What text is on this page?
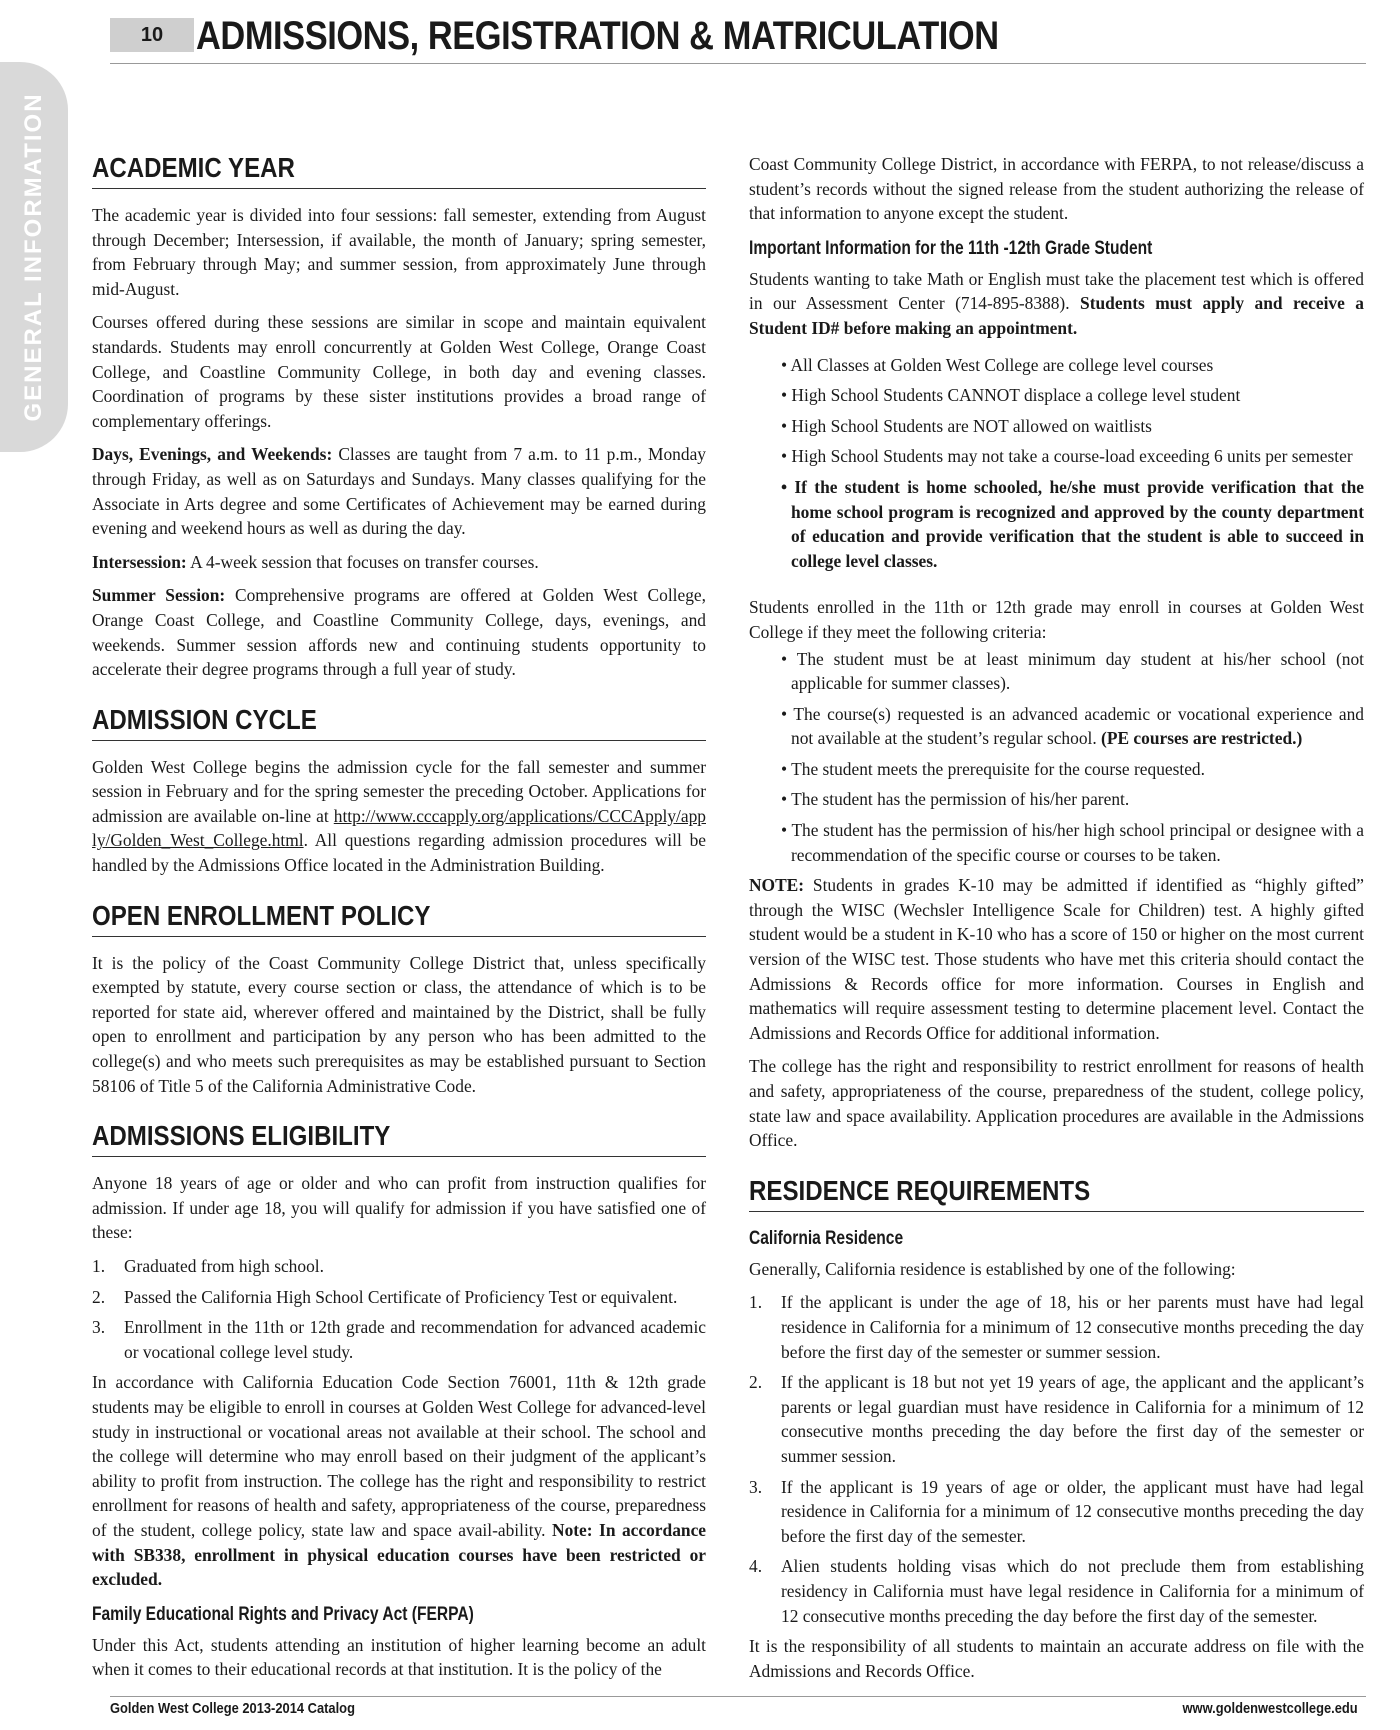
GENERAL INFORMATION
10 ADMISSIONS, REGISTRATION & MATRICULATION
ACADEMIC YEAR

The academic year is divided into four sessions: fall semester, extending from August through December; Intersession, if available, the month of January; spring semester, from February through May; and summer session, from approximately June through mid-August.

Courses offered during these sessions are similar in scope and maintain equivalent standards. Students may enroll concurrently at Golden West College, Orange Coast College, and Coastline Community College, in both day and evening classes. Coordination of programs by these sister institutions provides a broad range of complementary offerings.

Days, Evenings, and Weekends: Classes are taught from 7 a.m. to 11 p.m., Monday through Friday, as well as on Saturdays and Sundays. Many classes qualifying for the Associate in Arts degree and some Certificates of Achievement may be earned during evening and weekend hours as well as during the day.

Intersession: A 4-week session that focuses on transfer courses.

Summer Session: Comprehensive programs are offered at Golden West College, Orange Coast College, and Coastline Community College, days, evenings, and weekends. Summer session affords new and continuing students opportunity to accelerate their degree programs through a full year of study.

ADMISSION CYCLE

Golden West College begins the admission cycle for the fall semester and summer session in February and for the spring semester the preceding October. Applications for admission are available on-line at http://www.cccapply.org/applications/CCCApply/apply/Golden_West_College.html. All questions regarding admission procedures will be handled by the Admissions Office located in the Administration Building.

OPEN ENROLLMENT POLICY

It is the policy of the Coast Community College District that, unless specifically exempted by statute, every course section or class, the attendance of which is to be reported for state aid, wherever offered and maintained by the District, shall be fully open to enrollment and participation by any person who has been admitted to the college(s) and who meets such prerequisites as may be established pursuant to Section 58106 of Title 5 of the California Administrative Code.

ADMISSIONS ELIGIBILITY

Anyone 18 years of age or older and who can profit from instruction qualifies for admission. If under age 18, you will qualify for admission if you have satisfied one of these:

1. Graduated from high school.
2. Passed the California High School Certificate of Proficiency Test or equivalent.
3. Enrollment in the 11th or 12th grade and recommendation for advanced academic or vocational college level study.

In accordance with California Education Code Section 76001, 11th & 12th grade students may be eligible to enroll in courses at Golden West College for advanced-level study in instructional or vocational areas not available at their school. The school and the college will determine who may enroll based on their judgment of the applicant’s ability to profit from instruction. The college has the right and responsibility to restrict enrollment for reasons of health and safety, appropriateness of the course, preparedness of the student, college policy, state law and space avail-ability. Note: In accordance with SB338, enrollment in physical education courses have been restricted or excluded.

Family Educational Rights and Privacy Act (FERPA)

Under this Act, students attending an institution of higher learning become an adult when it comes to their educational records at that institution. It is the policy of the

Coast Community College District, in accordance with FERPA, to not release/discuss a student’s records without the signed release from the student authorizing the release of that information to anyone except the student.

Important Information for the 11th -12th Grade Student

Students wanting to take Math or English must take the placement test which is offered in our Assessment Center (714-895-8388). Students must apply and receive a Student ID# before making an appointment.

• All Classes at Golden West College are college level courses
• High School Students CANNOT displace a college level student
• High School Students are NOT allowed on waitlists
• High School Students may not take a course-load exceeding 6 units per semester
• If the student is home schooled, he/she must provide verification that the home school program is recognized and approved by the county department of education and provide verification that the student is able to succeed in college level classes.

Students enrolled in the 11th or 12th grade may enroll in courses at Golden West College if they meet the following criteria:

• The student must be at least minimum day student at his/her school (not applicable for summer classes).
• The course(s) requested is an advanced academic or vocational experience and not available at the student’s regular school. (PE courses are restricted.)
• The student meets the prerequisite for the course requested.
• The student has the permission of his/her parent.
• The student has the permission of his/her high school principal or designee with a recommendation of the specific course or courses to be taken.

NOTE: Students in grades K-10 may be admitted if identified as “highly gifted” through the WISC (Wechsler Intelligence Scale for Children) test. A highly gifted student would be a student in K-10 who has a score of 150 or higher on the most current version of the WISC test. Those students who have met this criteria should contact the Admissions & Records office for more information. Courses in English and mathematics will require assessment testing to determine placement level. Contact the Admissions and Records Office for additional information.

The college has the right and responsibility to restrict enrollment for reasons of health and safety, appropriateness of the course, preparedness of the student, college policy, state law and space availability. Application procedures are available in the Admissions Office.

RESIDENCE REQUIREMENTS
California Residence

Generally, California residence is established by one of the following:

1. If the applicant is under the age of 18, his or her parents must have had legal residence in California for a minimum of 12 consecutive months preceding the day before the first day of the semester or summer session.
2. If the applicant is 18 but not yet 19 years of age, the applicant and the applicant’s parents or legal guardian must have residence in California for a minimum of 12 consecutive months preceding the day before the first day of the semester or summer session.
3. If the applicant is 19 years of age or older, the applicant must have had legal residence in California for a minimum of 12 consecutive months preceding the day before the first day of the semester.
4. Alien students holding visas which do not preclude them from establishing residency in California must have legal residence in California for a minimum of 12 consecutive months preceding the day before the first day of the semester.

It is the responsibility of all students to maintain an accurate address on file with the Admissions and Records Office.

Golden West College 2013-2014 Catalog	www.goldenwestcollege.edu
